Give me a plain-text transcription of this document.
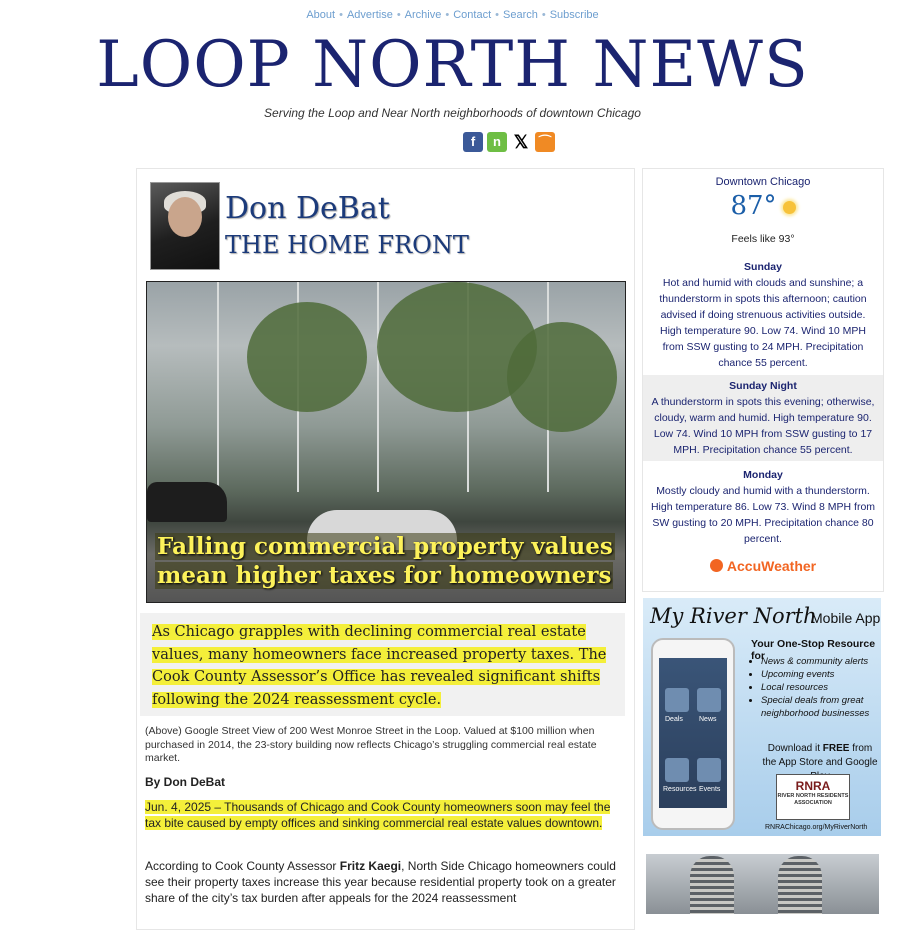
About • Advertise • Archive • Contact • Search • Subscribe
LOOP NORTH NEWS
Serving the Loop and Near North neighborhoods of downtown Chicago
f	n 𝕏 ⌒
Don DeBat
THE HOME FRONT
Falling commercial property values
mean higher taxes for homeowners

As Chicago grapples with declining commercial real estate values, many homeowners face increased property taxes. The Cook County Assessor’s Office has revealed significant shifts following the 2024 reassessment cycle.

(Above) Google Street View of 200 West Monroe Street in the Loop. Valued at $100 million when purchased in 2014, the 23-story building now reflects Chicago’s struggling commercial real estate market.
By Don DeBat
Jun. 4, 2025 – Thousands of Chicago and Cook County homeowners soon may feel the tax bite caused by empty offices and sinking commercial real estate values downtown.
According to Cook County Assessor Fritz Kaegi, North Side Chicago homeowners could see their property taxes increase this year because residential property took on a greater share of the city’s tax burden after appeals for the 2024 reassessment
Downtown Chicago
87°
Feels like 93°
Sunday
Hot and humid with clouds and sunshine; a thunderstorm in spots this afternoon; caution advised if doing strenuous activities outside. High temperature 90. Low 74. Wind 10 MPH from SSW gusting to 24 MPH. Precipitation chance 55 percent.
Sunday Night
A thunderstorm in spots this evening; otherwise, cloudy, warm and humid. High temperature 90. Low 74. Wind 10 MPH from SSW gusting to 17 MPH. Precipitation chance 55 percent.
Monday
Mostly cloudy and humid with a thunderstorm. High temperature 86. Low 73. Wind 8 MPH from SW gusting to 20 MPH. Precipitation chance 80 percent.
AccuWeather
My River North
Mobile App
Deals News
Resources Events
Your One-Stop Resource for
• News & community alerts
• Upcoming events
• Local resources
• Special deals from great neighborhood businesses
Download it FREE from the App Store and Google
RNRA
RIVER NORTH RESIDENTS ASSOCIATION
RNRAChicago.org/MyRiverNorth
